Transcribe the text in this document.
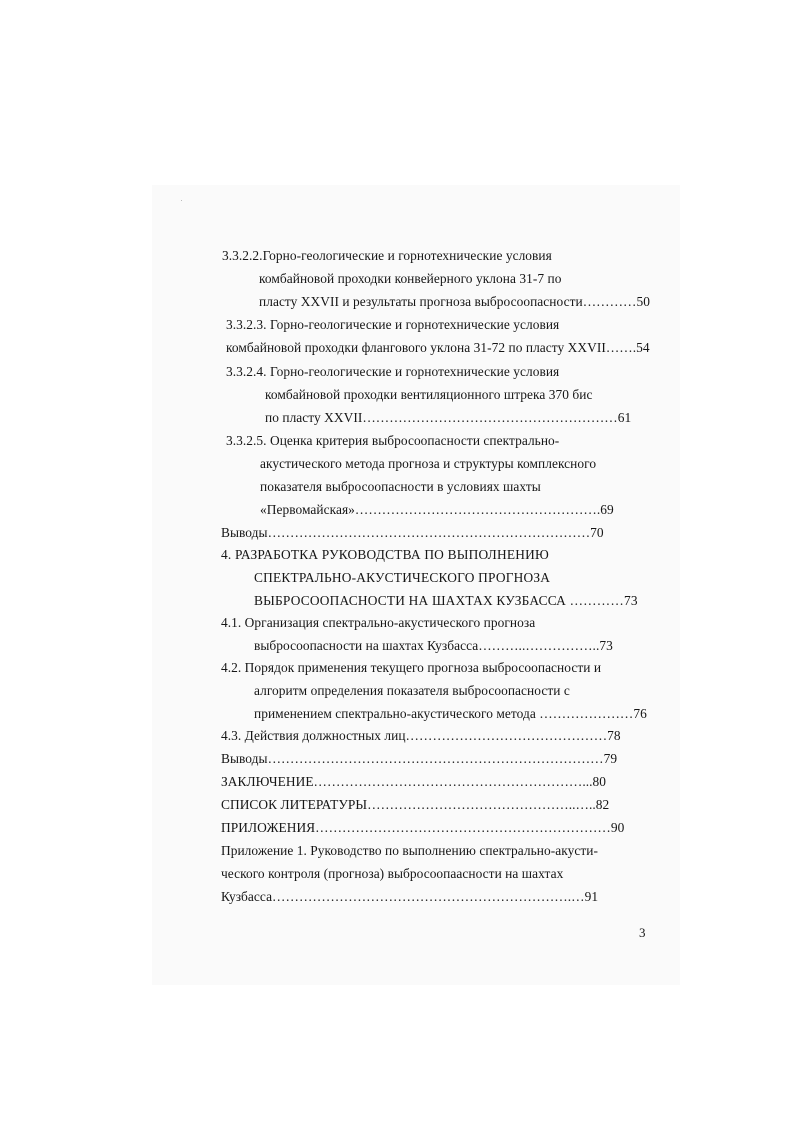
3.3.2.2.Горно-геологические и горнотехнические условия
комбайновой проходки конвейерного уклона 31-7 по
пласту XXVII и результаты прогноза выбросоопасности…………50
3.3.2.3. Горно-геологические и горнотехнические условия
комбайновой проходки флангового уклона 31-72 по пласту XXVII…….54
3.3.2.4. Горно-геологические и горнотехнические условия
комбайновой проходки вентиляционного штрека 370 бис
по пласту XXVII…………………………………………………61
3.3.2.5. Оценка критерия выбросоопасности спектрально-
акустического метода прогноза и структуры комплексного
показателя выбросоопасности в условиях шахты
«Первомайская»……………………………………………….69
Выводы………………………………………………………………70
4. РАЗРАБОТКА РУКОВОДСТВА ПО ВЫПОЛНЕНИЮ
СПЕКТРАЛЬНО-АКУСТИЧЕСКОГО ПРОГНОЗА
ВЫБРОСООПАСНОСТИ НА ШАХТАХ КУЗБАССА …………73
4.1. Организация спектрально-акустического прогноза
выбросоопасности на шахтах Кузбасса………..……………..73
4.2. Порядок применения текущего прогноза выбросоопасности и
алгоритм определения показателя выбросоопасности с
применением спектрально-акустического метода …………………76
4.3. Действия должностных лиц………………………………………78
Выводы…………………………………………………………………79
ЗАКЛЮЧЕНИЕ……………………………………………………...80
СПИСОК ЛИТЕРАТУРЫ………………………………………..…..82
ПРИЛОЖЕНИЯ…………………………………………………………90
Приложение 1. Руководство по выполнению спектрально-акусти-
ческого контроля (прогноза) выбросоопаасности на шахтах
Кузбасса………………………………………………………….…91
3
